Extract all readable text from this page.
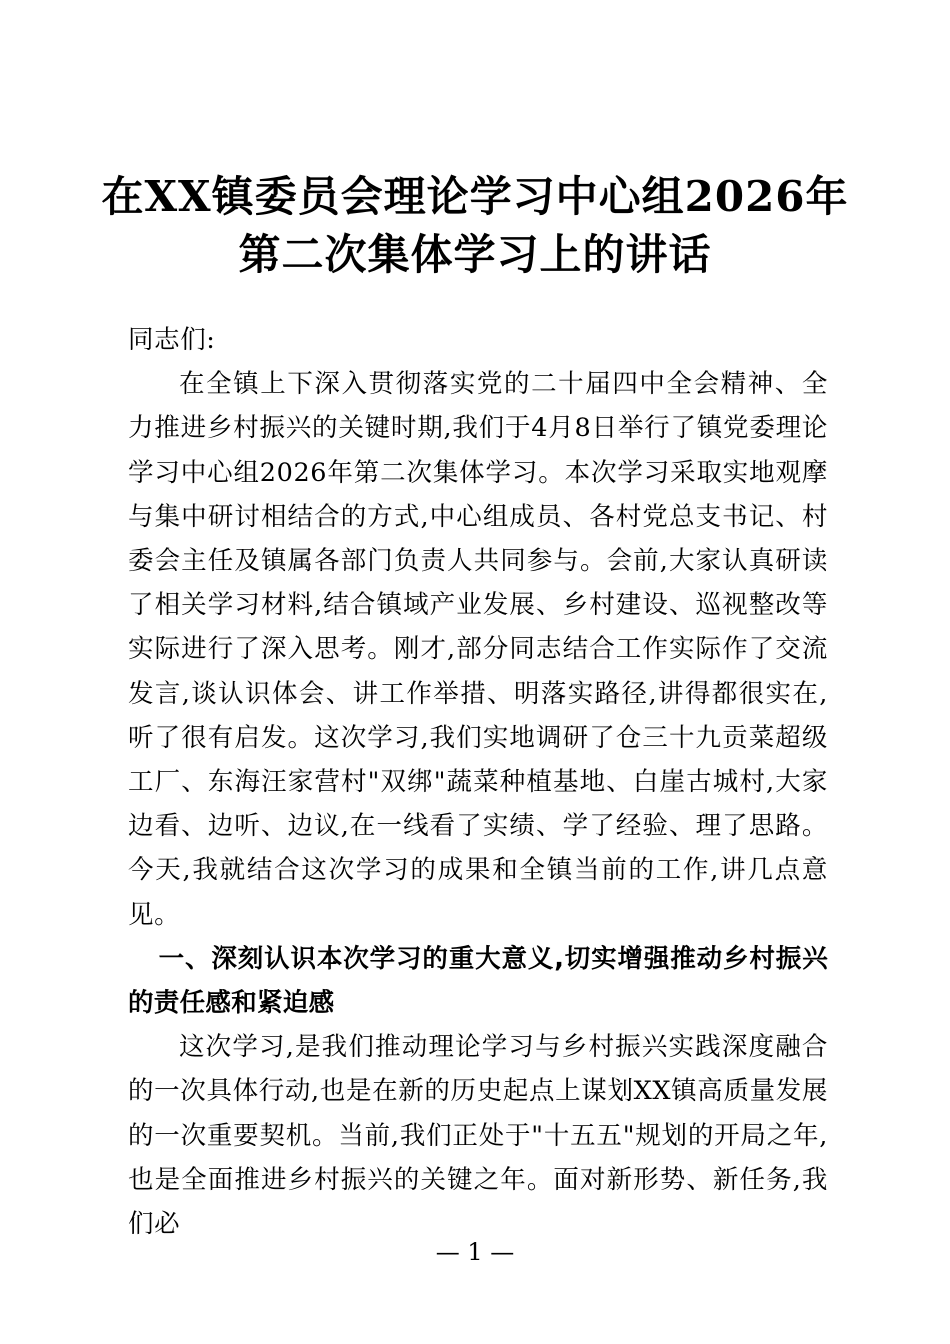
在XX镇委员会理论学习中心组2026年
第二次集体学习上的讲话

同志们:

在全镇上下深入贯彻落实党的二十届四中全会精神、全力推进乡村振兴的关键时期,我们于4月8日举行了镇党委理论学习中心组2026年第二次集体学习。本次学习采取实地观摩与集中研讨相结合的方式,中心组成员、各村党总支书记、村委会主任及镇属各部门负责人共同参与。会前,大家认真研读了相关学习材料,结合镇域产业发展、乡村建设、巡视整改等实际进行了深入思考。刚才,部分同志结合工作实际作了交流发言,谈认识体会、讲工作举措、明落实路径,讲得都很实在,听了很有启发。这次学习,我们实地调研了仓三十九贡菜超级工厂、东海汪家营村"双绑"蔬菜种植基地、白崖古城村,大家边看、边听、边议,在一线看了实绩、学了经验、理了思路。今天,我就结合这次学习的成果和全镇当前的工作,讲几点意见。

一、深刻认识本次学习的重大意义,切实增强推动乡村振兴的责任感和紧迫感

这次学习,是我们推动理论学习与乡村振兴实践深度融合的一次具体行动,也是在新的历史起点上谋划XX镇高质量发展的一次重要契机。当前,我们正处于"十五五"规划的开局之年,也是全面推进乡村振兴的关键之年。面对新形势、新任务,我们必

— 1 —
